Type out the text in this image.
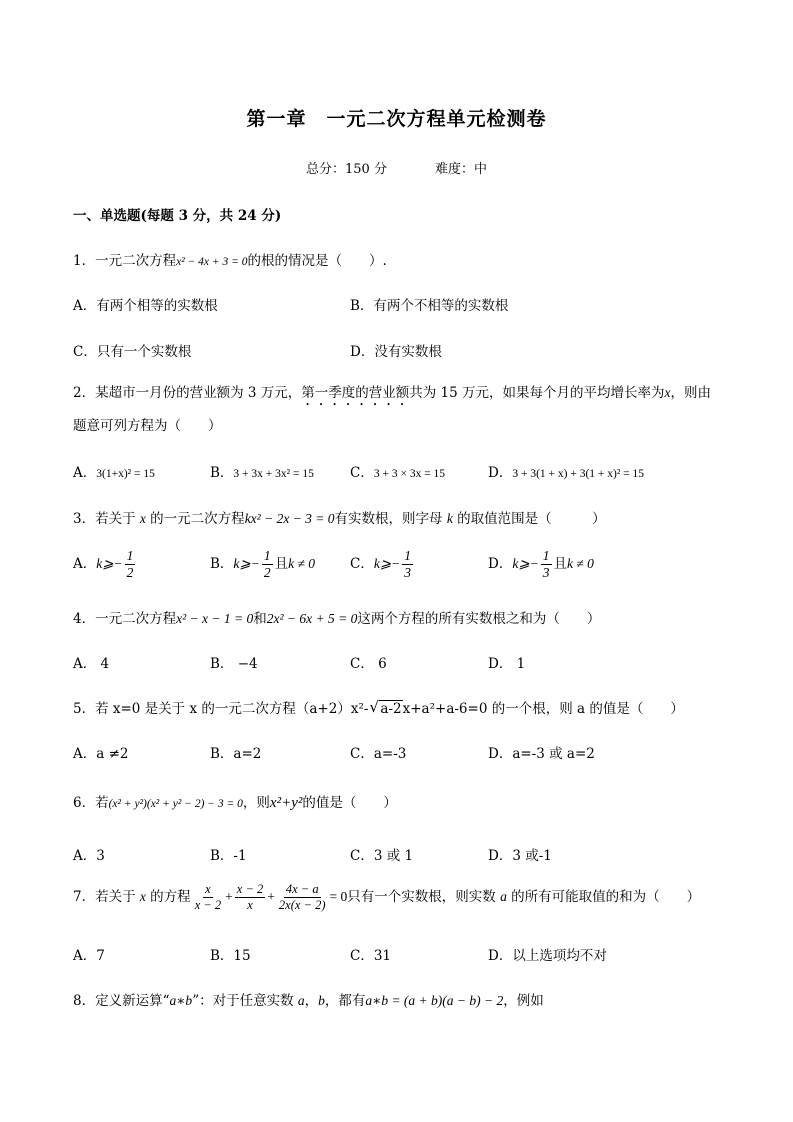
第一章　一元二次方程单元检测卷
总分：150 分	难度：中
一、单选题(每题 3 分，共 24 分)
1．一元二次方程x² − 4x + 3 = 0的根的情况是（　　）.
A．有两个相等的实数根	B．有两个不相等的实数根
C．只有一个实数根	D．没有实数根
2．某超市一月份的营业额为 3 万元，第一季度的营业额共为 15 万元，如果每个月的平均增长率为x，则由
题意可列方程为（　　）
A．3(1+x)² = 15	B．3 + 3x + 3x² = 15	C．3 + 3 × 3x = 15	D．3 + 3(1 + x) + 3(1 + x)² = 15
3．若关于 x 的一元二次方程kx² − 2x − 3 = 0有实数根，则字母 k 的取值范围是（　　　）
A．k⩾− $\frac{1}{2}$	B．k⩾− $\frac{1}{2}$ 且k ≠ 0	C．k⩾− $\frac{1}{3}$	D．k⩾− $\frac{1}{3}$ 且k ≠ 0
4．一元二次方程x² − x − 1 = 0和2x² − 6x + 5 = 0这两个方程的所有实数根之和为（　　）
A． 4	B． −4	C． 6	D． 1
5．若 x=0 是关于 x 的一元二次方程（a+2）x²-√ a-2x+a²+a-6=0 的一个根，则 a 的值是（　　）
A．a ≠2	B．a=2	C．a=-3	D．a=-3 或 a=2
6．若(x² + y²)(x² + y² − 2) − 3 = 0，则x²+y²的值是（　　）
A．3	B．-1	C．3 或 1	D．3 或-1
7．若关于 x 的方程 $\frac{x}{x - 2} + \frac{x - 2}{x} + \frac{4x - a}{2x(x - 2)} = 0$只有一个实数根，则实数 a 的所有可能取值的和为（　　）
A．7	B．15	C．31	D．以上选项均不对
8．定义新运算“a∗b”：对于任意实数 a，b，都有a∗b = (a + b)(a − b) − 2，例如
